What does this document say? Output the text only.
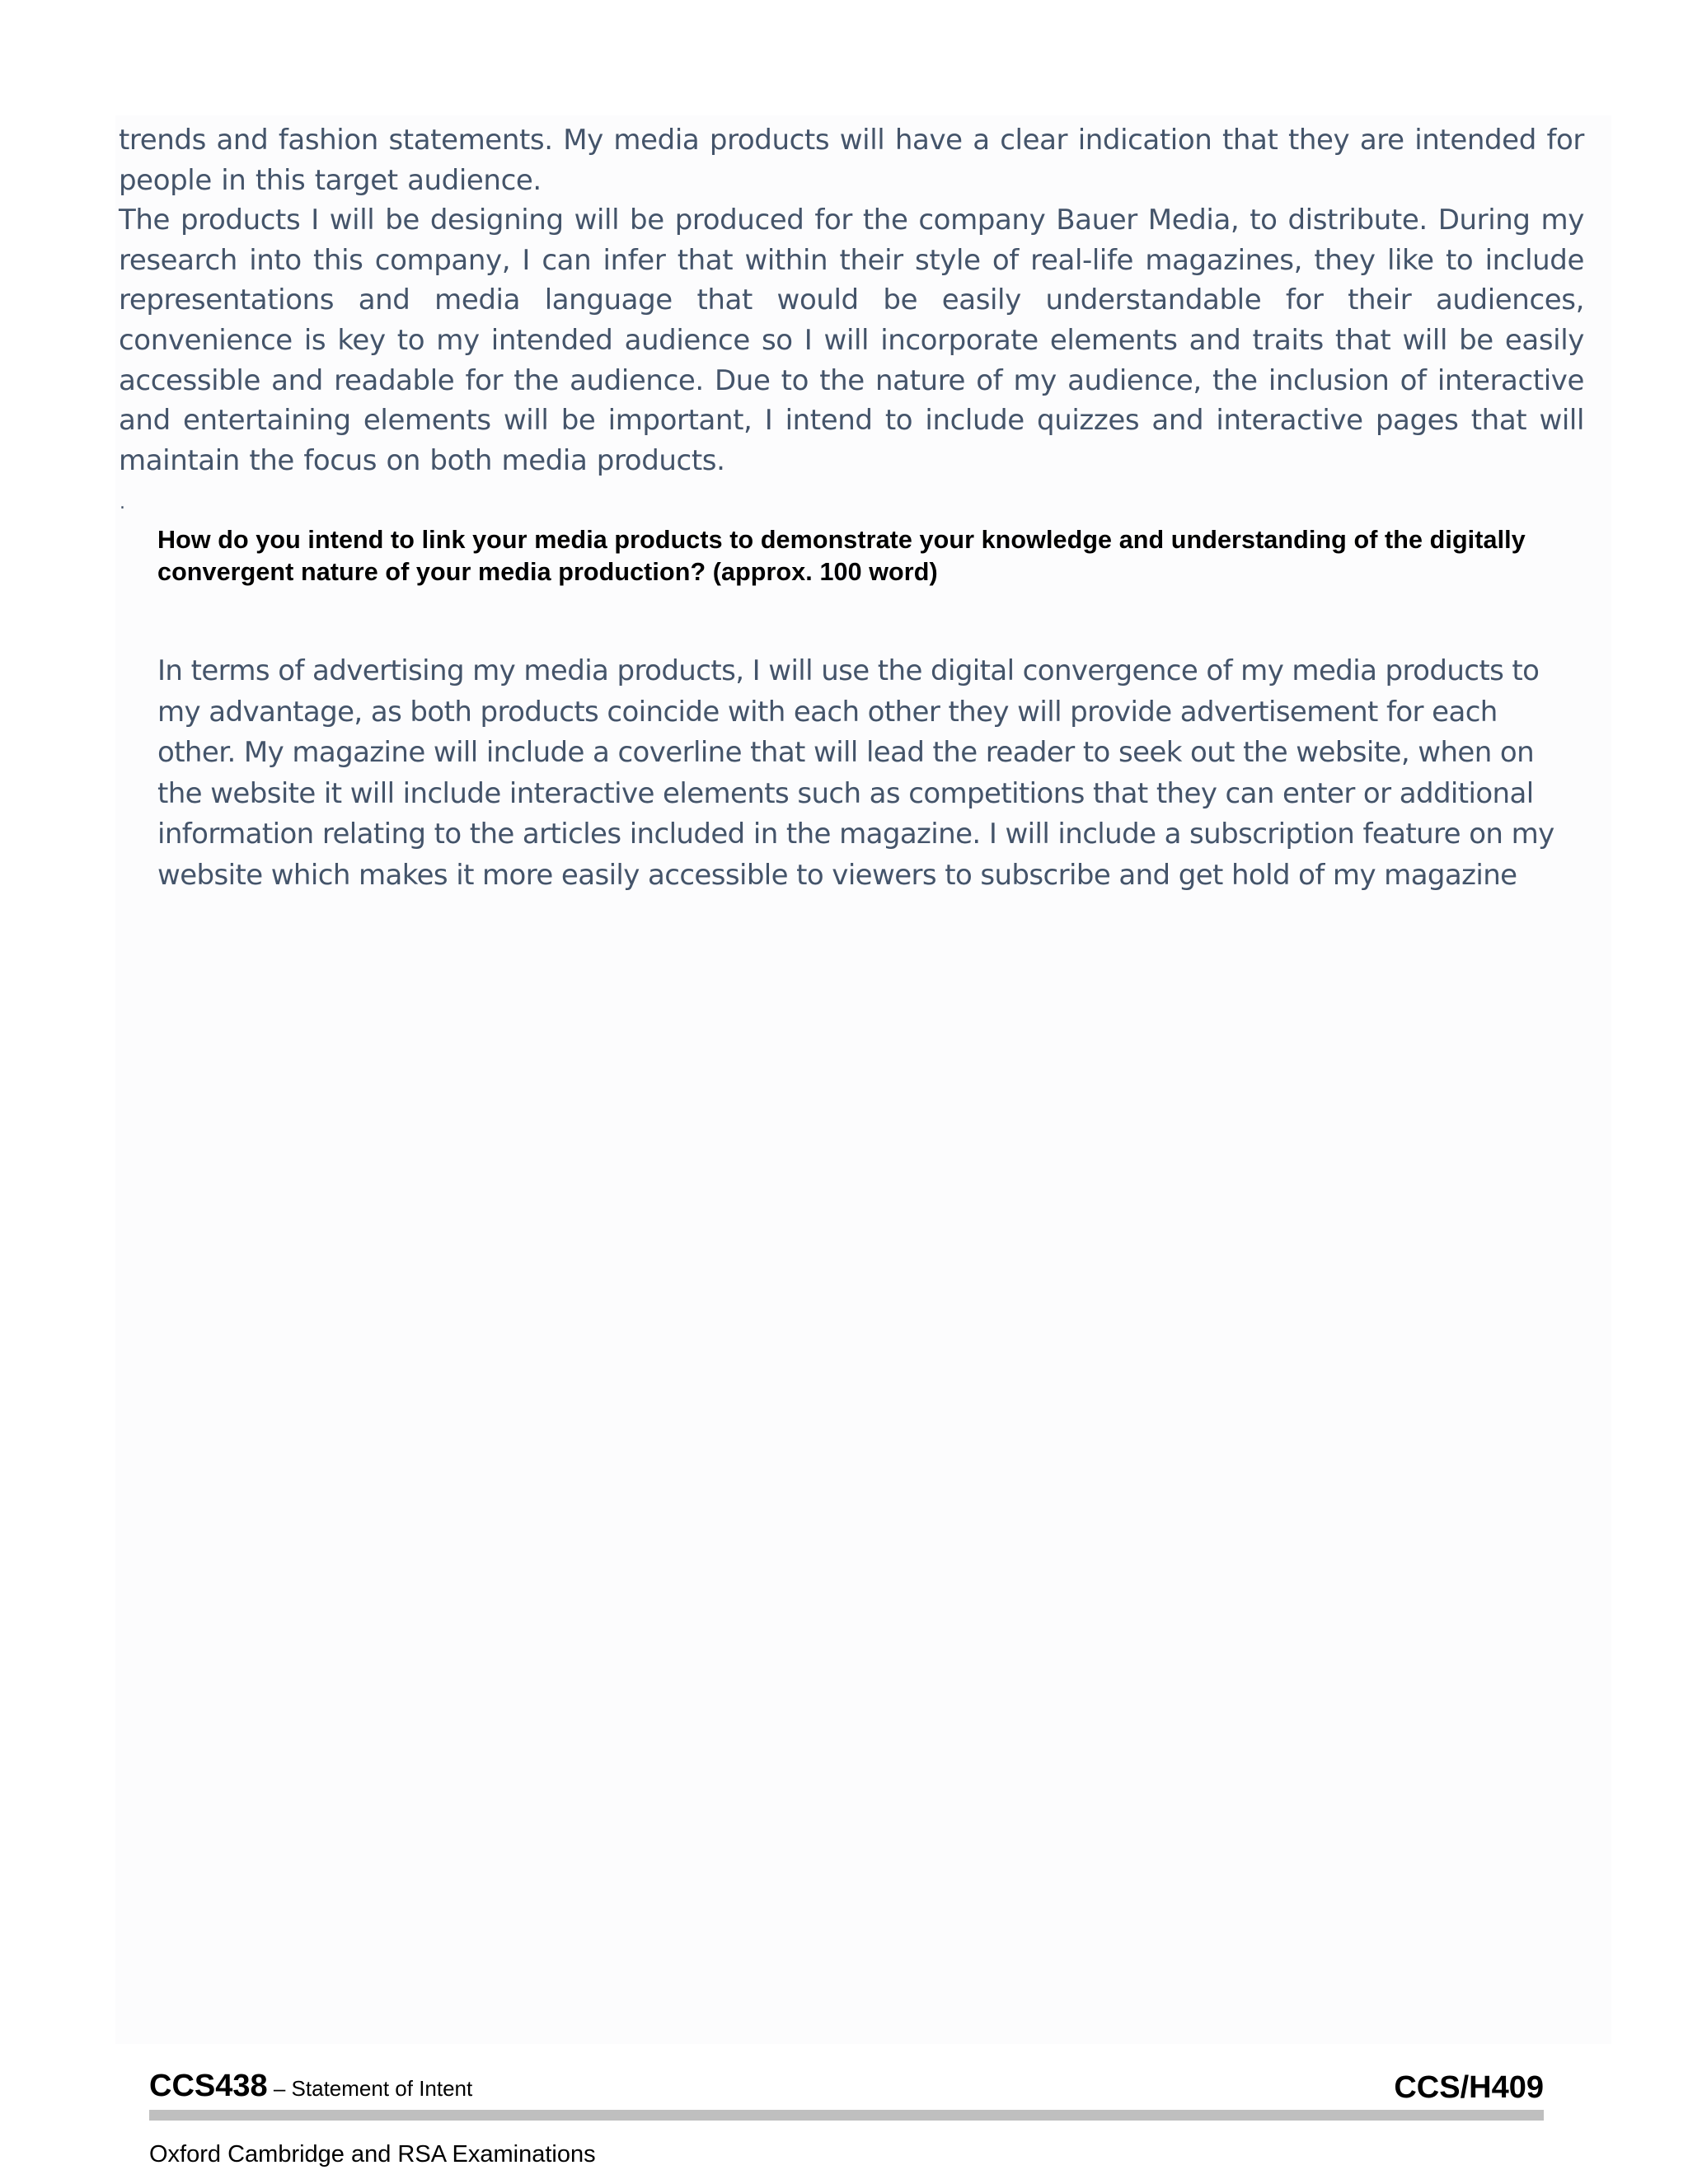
trends and fashion statements. My media products will have a clear indication that they are intended for people in this target audience.

The products I will be designing will be produced for the company Bauer Media, to distribute. During my research into this company, I can infer that within their style of real-life magazines, they like to include representations and media language that would be easily understandable for their audiences, convenience is key to my intended audience so I will incorporate elements and traits that will be easily accessible and readable for the audience. Due to the nature of my audience, the inclusion of interactive and entertaining elements will be important, I intend to include quizzes and interactive pages that will maintain the focus on both media products.

.
How do you intend to link your media products to demonstrate your knowledge and understanding of the digitally convergent nature of your media production? (approx. 100 word)
In terms of advertising my media products, I will use the digital convergence of my media products to my advantage, as both products coincide with each other they will provide advertisement for each other. My magazine will include a coverline that will lead the reader to seek out the website, when on the website it will include interactive elements such as competitions that they can enter or additional information relating to the articles included in the magazine. I will include a subscription feature on my website which makes it more easily accessible to viewers to subscribe and get hold of my magazine
CCS438 – Statement of Intent	CCS/H409
Oxford Cambridge and RSA Examinations
